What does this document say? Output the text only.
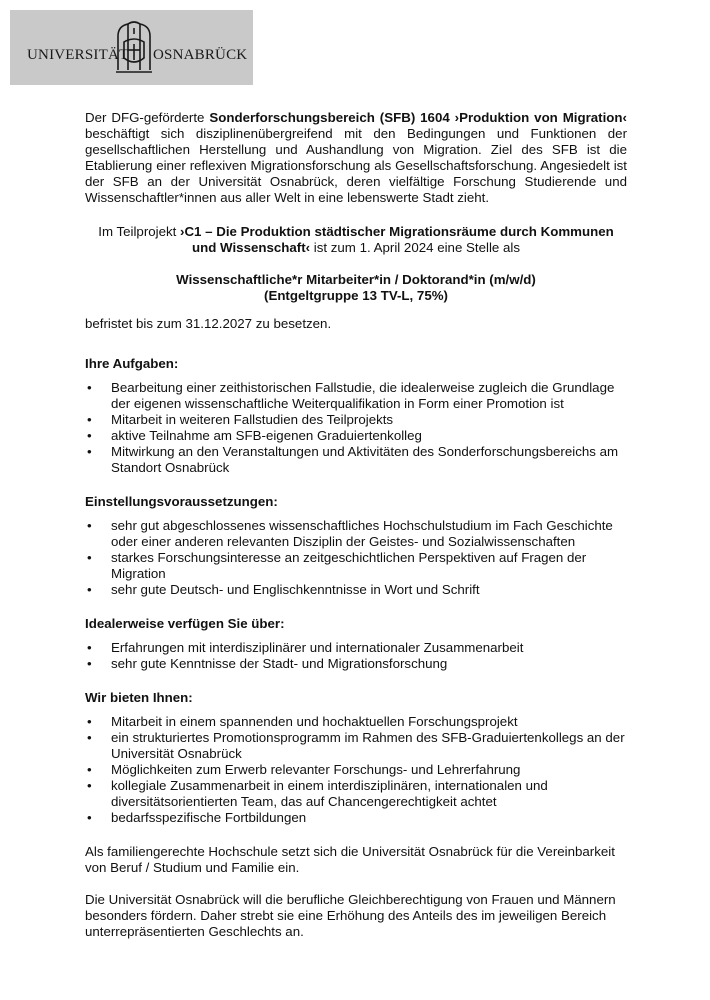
UNIVERSITÄT OSNABRÜCK

Der DFG-geförderte Sonderforschungsbereich (SFB) 1604 ›Produktion von Migration‹ beschäftigt sich disziplinenübergreifend mit den Bedingungen und Funktionen der gesellschaftlichen Herstellung und Aushandlung von Migration. Ziel des SFB ist die Etablierung einer reflexiven Migrationsforschung als Gesellschaftsforschung. Angesiedelt ist der SFB an der Universität Osnabrück, deren vielfältige Forschung Studierende und Wissenschaftler*innen aus aller Welt in eine lebenswerte Stadt zieht.

Im Teilprojekt ›C1 – Die Produktion städtischer Migrationsräume durch Kommunen und Wissenschaft‹ ist zum 1. April 2024 eine Stelle als

Wissenschaftliche*r Mitarbeiter*in / Doktorand*in (m/w/d)

(Entgeltgruppe 13 TV-L, 75%)

befristet bis zum 31.12.2027 zu besetzen.

Ihre Aufgaben:
• Bearbeitung einer zeithistorischen Fallstudie, die idealerweise zugleich die Grundlage der eigenen wissenschaftliche Weiterqualifikation in Form einer Promotion ist
• Mitarbeit in weiteren Fallstudien des Teilprojekts
• aktive Teilnahme am SFB-eigenen Graduiertenkolleg
• Mitwirkung an den Veranstaltungen und Aktivitäten des Sonderforschungsbereichs am Standort Osnabrück
Einstellungsvoraussetzungen:
• sehr gut abgeschlossenes wissenschaftliches Hochschulstudium im Fach Geschichte oder einer anderen relevanten Disziplin der Geistes- und Sozialwissenschaften
• starkes Forschungsinteresse an zeitgeschichtlichen Perspektiven auf Fragen der Migration
• sehr gute Deutsch- und Englischkenntnisse in Wort und Schrift
Idealerweise verfügen Sie über:
• Erfahrungen mit interdisziplinärer und internationaler Zusammenarbeit
• sehr gute Kenntnisse der Stadt- und Migrationsforschung
Wir bieten Ihnen:
• Mitarbeit in einem spannenden und hochaktuellen Forschungsprojekt
• ein strukturiertes Promotionsprogramm im Rahmen des SFB-Graduiertenkollegs an der Universität Osnabrück
• Möglichkeiten zum Erwerb relevanter Forschungs- und Lehrerfahrung
• kollegiale Zusammenarbeit in einem interdisziplinären, internationalen und diversitätsorientierten Team, das auf Chancengerechtigkeit achtet
• bedarfsspezifische Fortbildungen

Als familiengerechte Hochschule setzt sich die Universität Osnabrück für die Vereinbarkeit von Beruf / Studium und Familie ein.

Die Universität Osnabrück will die berufliche Gleichberechtigung von Frauen und Männern besonders fördern. Daher strebt sie eine Erhöhung des Anteils des im jeweiligen Bereich unterrepräsentierten Geschlechts an.
